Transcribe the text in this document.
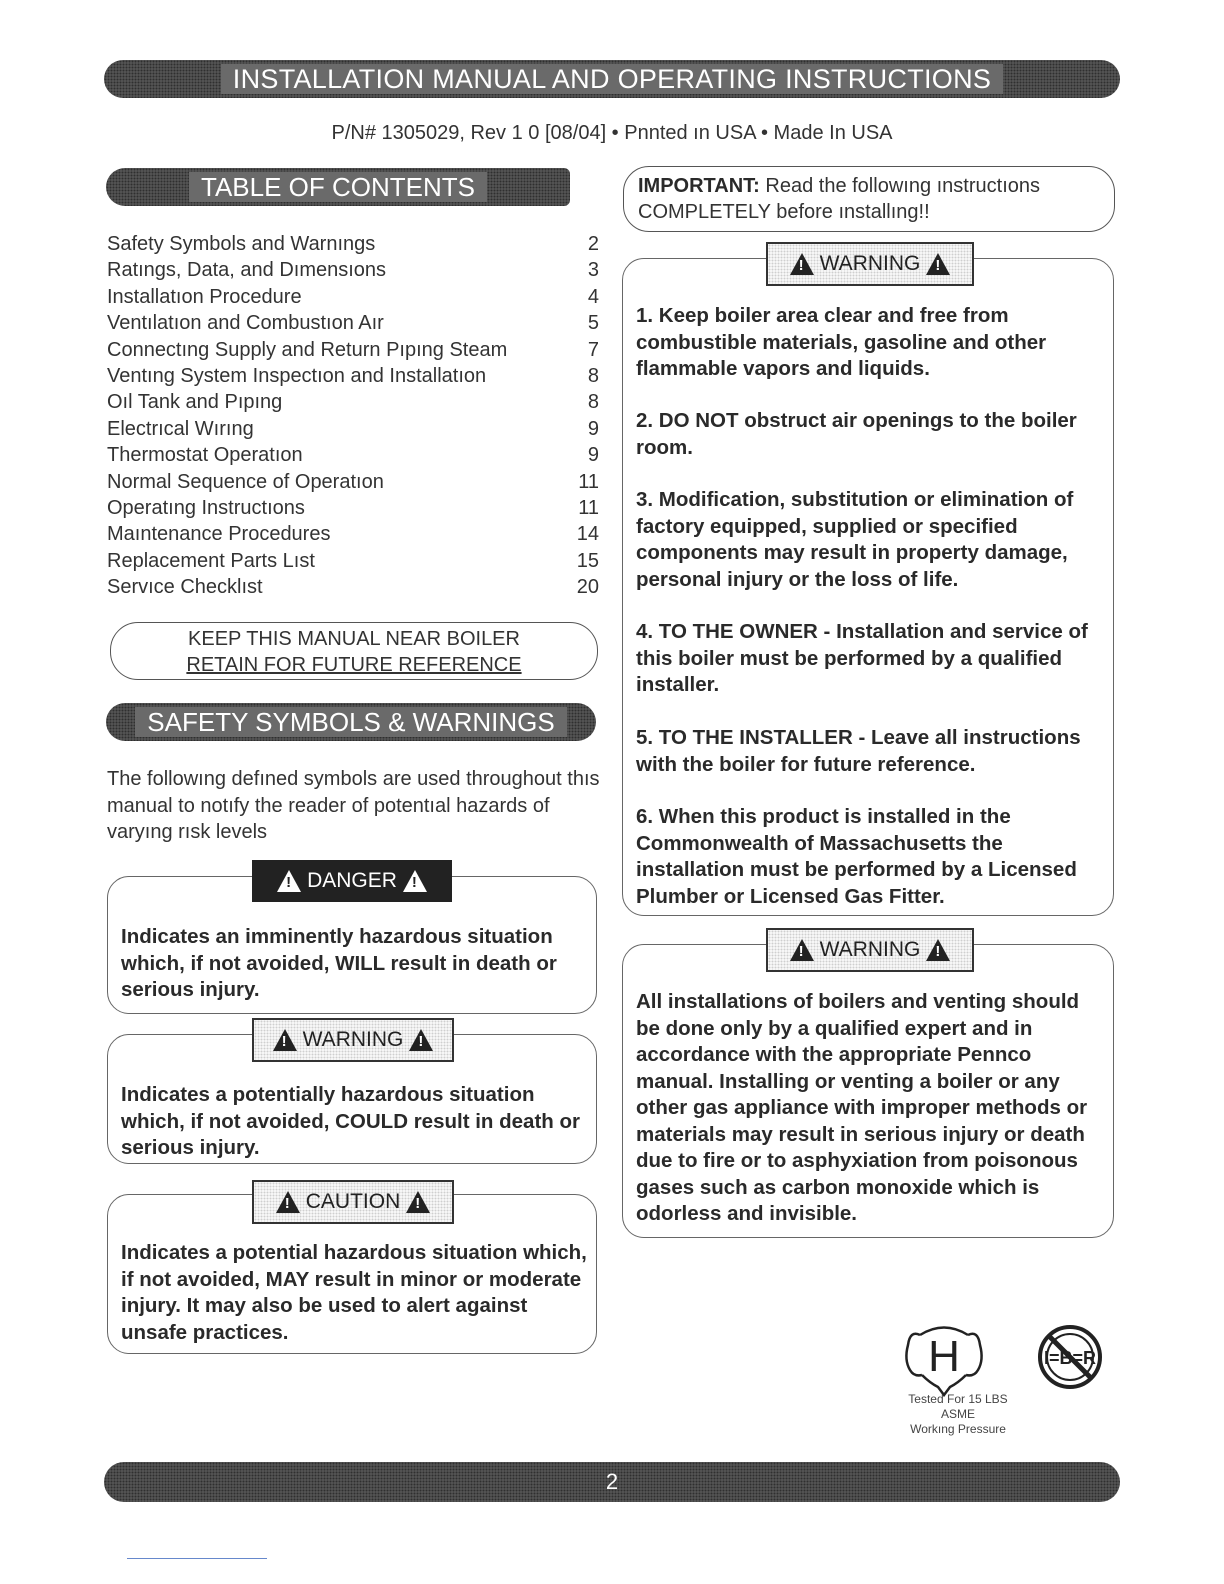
INSTALLATION MANUAL AND OPERATING INSTRUCTIONS
P/N# 1305029, Rev 1 0 [08/04] • Pnnted ın USA • Made In USA
TABLE OF CONTENTS
Safety Symbols and Warnıngs	2
Ratıngs, Data, and Dımensıons	3
Installatıon Procedure	4
Ventılatıon and Combustıon Aır	5
Connectıng Supply and Return Pıpıng Steam	7
Ventıng System Inspectıon and Installatıon	8
Oıl Tank and Pıpıng	8
Electrıcal Wırıng	9
Thermostat Operatıon	9
Normal Sequence of Operatıon	11
Operatıng Instructıons	11
Maıntenance Procedures	14
Replacement Parts Lıst	15
Servıce Checklıst	20
KEEP THIS MANUAL NEAR BOILER
RETAIN FOR FUTURE REFERENCE
SAFETY SYMBOLS & WARNINGS
The followıng defıned symbols are used throughout thıs manual to notıfy the reader of potentıal hazards of varyıng rısk levels
!
DANGER
!
Indicates an imminently hazardous situation which, if not avoided, WILL result in death or serious injury.
!
WARNING
!
Indicates a potentially hazardous situation which, if not avoided, COULD result in death or serious injury.
!
CAUTION
!
Indicates a potential hazardous situation which, if not avoided, MAY result in minor or moderate injury. It may also be used to alert against unsafe practices.
IMPORTANT: Read the followıng ınstructıons COMPLETELY before ınstallıng!!
!
WARNING
!
1. Keep boiler area clear and free from combustible materials, gasoline and other flammable vapors and liquids.
2. DO NOT obstruct air openings to the boiler room.
3. Modification, substitution or elimination of factory equipped, supplied or specified components may result in property damage, personal injury or the loss of life.
4. TO THE OWNER - Installation and service of this boiler must be performed by a qualified installer.
5. TO THE INSTALLER - Leave all instructions with the boiler for future reference.
6. When this product is installed in the Commonwealth of Massachusetts the installation must be performed by a Licensed Plumber or Licensed Gas Fitter.
!
WARNING
!
All installations of boilers and venting should be done only by a qualified expert and in accordance with the appropriate Pennco manual. Installing or venting a boiler or any other gas appliance with improper methods or materials may result in serious injury or death due to fire or to asphyxiation from poisonous gases such as carbon monoxide which is odorless and invisible.
H	I=B=R
Tested For 15 LBS
ASME
Workıng Pressure
2
